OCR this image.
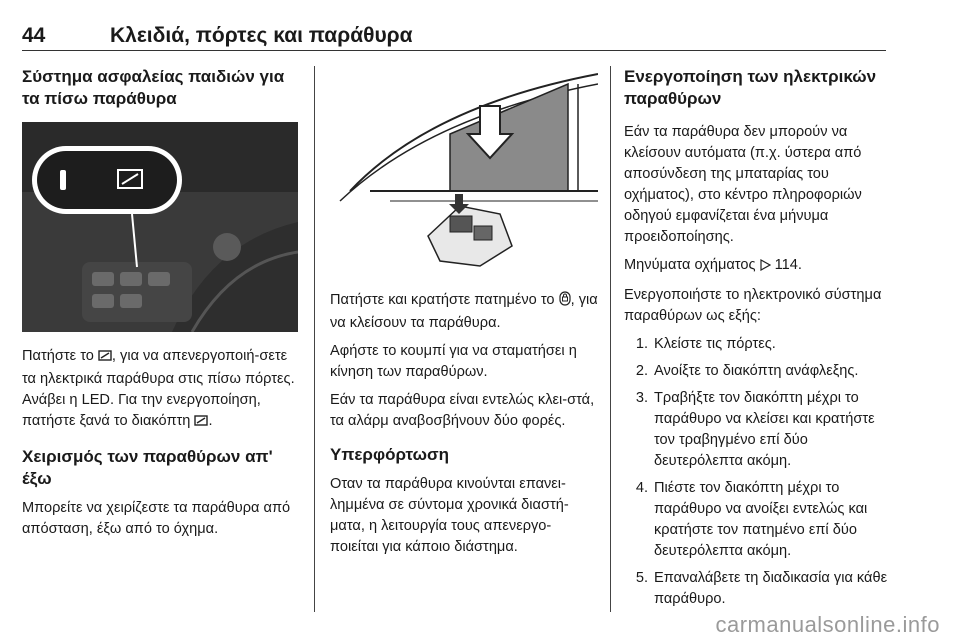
44	Κλειδιά, πόρτες και παράθυρα
Σύστημα ασφαλείας παιδιών για τα πίσω παράθυρα

Πατήστε το , για να απενεργοποιή-σετε τα ηλεκτρικά παράθυρα στις πίσω πόρτες. Ανάβει η LED. Για την ενεργοποίηση, πατήστε ξανά το διακόπτη .

Χειρισμός των παραθύρων απ' έξω

Μπορείτε να χειρίζεστε τα παράθυρα από απόσταση, έξω από το όχημα.

Πατήστε και κρατήστε πατημένο το , για να κλείσουν τα παράθυρα.

Αφήστε το κουμπί για να σταματήσει η κίνηση των παραθύρων.

Εάν τα παράθυρα είναι εντελώς κλει-στά, τα αλάρμ αναβοσβήνουν δύο φορές.

Υπερφόρτωση

Οταν τα παράθυρα κινούνται επανει-λημμένα σε σύντομα χρονικά διαστή-ματα, η λειτουργία τους απενεργο-ποιείται για κάποιο διάστημα.

Ενεργοποίηση των ηλεκτρικών παραθύρων

Εάν τα παράθυρα δεν μπορούν να κλείσουν αυτόματα (π.χ. ύστερα από αποσύνδεση της μπαταρίας του οχήματος), στο κέντρο πληροφοριών οδηγού εμφανίζεται ένα μήνυμα προειδοποίησης.

Μηνύματα οχήματος  114.

Ενεργοποιήστε το ηλεκτρονικό σύστημα παραθύρων ως εξής:

1. Κλείστε τις πόρτες.
2. Ανοίξτε το διακόπτη ανάφλεξης.
3. Τραβήξτε τον διακόπτη μέχρι το παράθυρο να κλείσει και κρατήστε τον τραβηγμένο επί δύο δευτερόλεπτα ακόμη.
4. Πιέστε τον διακόπτη μέχρι το παράθυρο να ανοίξει εντελώς και κρατήστε τον πατημένο επί δύο δευτερόλεπτα ακόμη.
5. Επαναλάβετε τη διαδικασία για κάθε παράθυρο.
carmanualsonline.info
